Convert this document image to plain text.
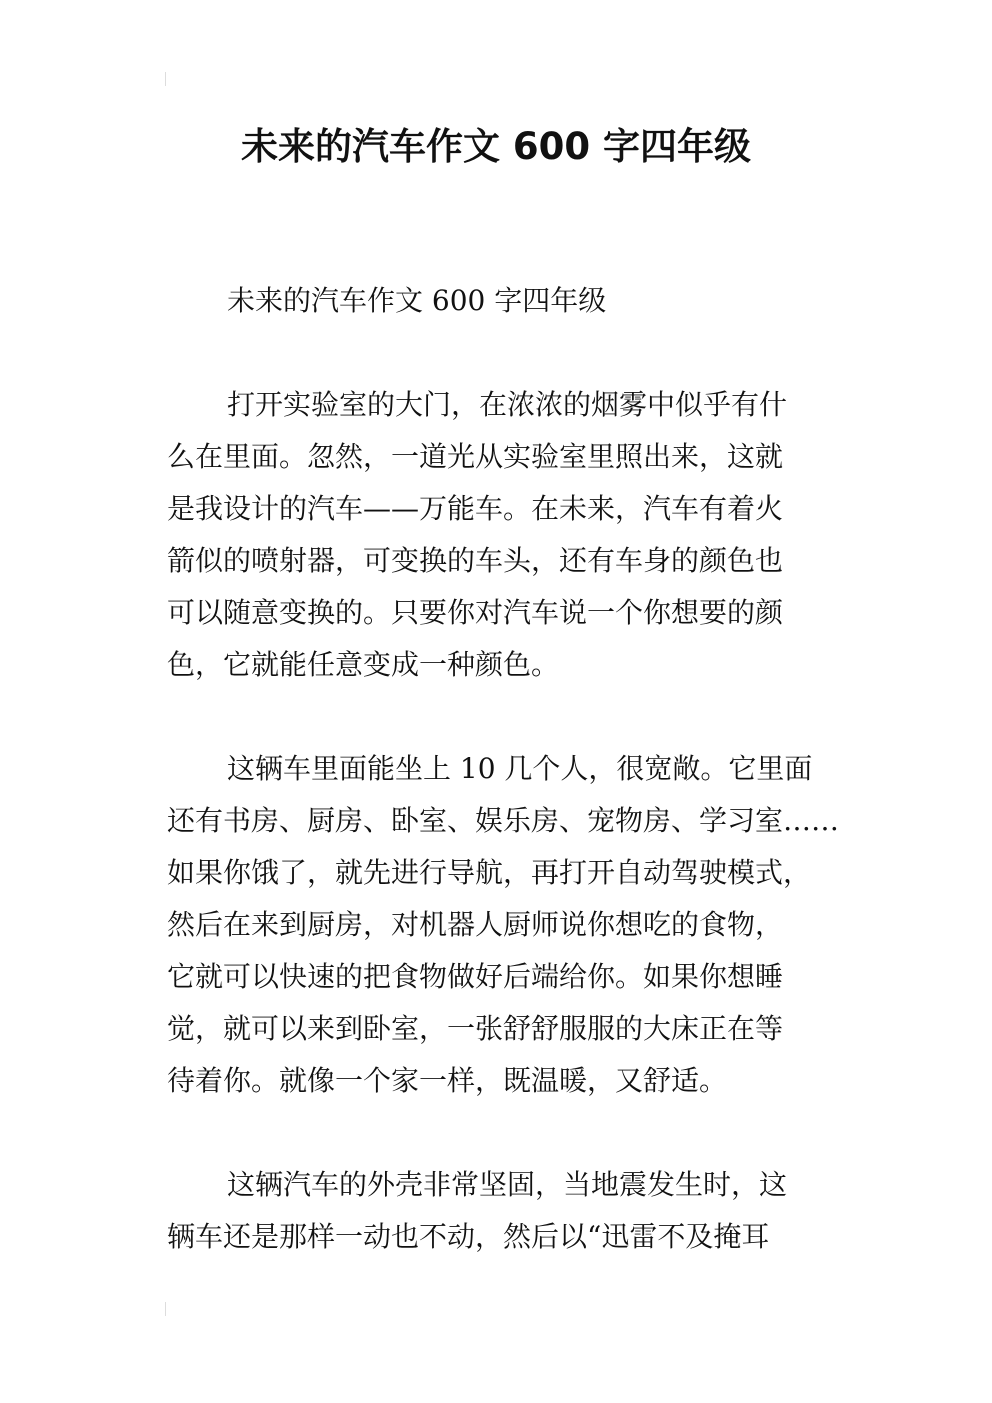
未来的汽车作文 600 字四年级
未来的汽车作文 600 字四年级
打开实验室的大门，在浓浓的烟雾中似乎有什
么在里面。忽然，一道光从实验室里照出来，这就
是我设计的汽车——万能车。在未来，汽车有着火
箭似的喷射器，可变换的车头，还有车身的颜色也
可以随意变换的。只要你对汽车说一个你想要的颜
色，它就能任意变成一种颜色。
这辆车里面能坐上 10 几个人，很宽敞。它里面
还有书房、厨房、卧室、娱乐房、宠物房、学习室……
如果你饿了，就先进行导航，再打开自动驾驶模式，
然后在来到厨房，对机器人厨师说你想吃的食物，
它就可以快速的把食物做好后端给你。如果你想睡
觉，就可以来到卧室，一张舒舒服服的大床正在等
待着你。就像一个家一样，既温暖，又舒适。
这辆汽车的外壳非常坚固，当地震发生时，这
辆车还是那样一动也不动，然后以“迅雷不及掩耳
